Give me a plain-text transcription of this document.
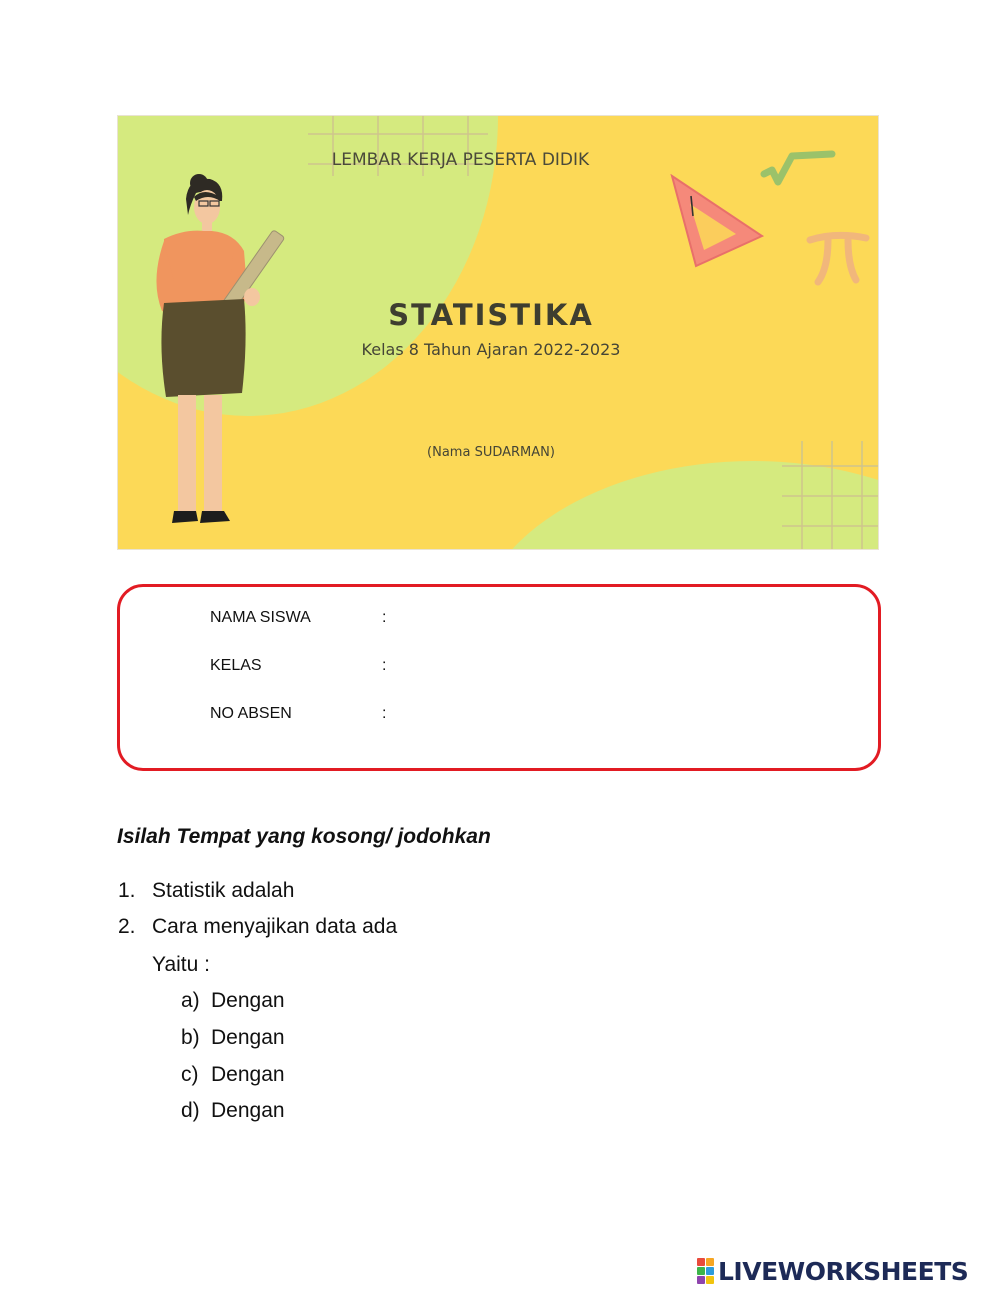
LEMBAR KERJA PESERTA DIDIK
STATISTIKA
Kelas 8 Tahun Ajaran 2022-2023
(Nama SUDARMAN)
NAMA SISWA	:
KELAS	:
NO ABSEN	:
Isilah Tempat yang kosong/ jodohkan
1. Statistik adalah
2. Cara menyajikan data ada
Yaitu :
a) Dengan
b) Dengan
c) Dengan
d) Dengan
LIVEWORKSHEETS
